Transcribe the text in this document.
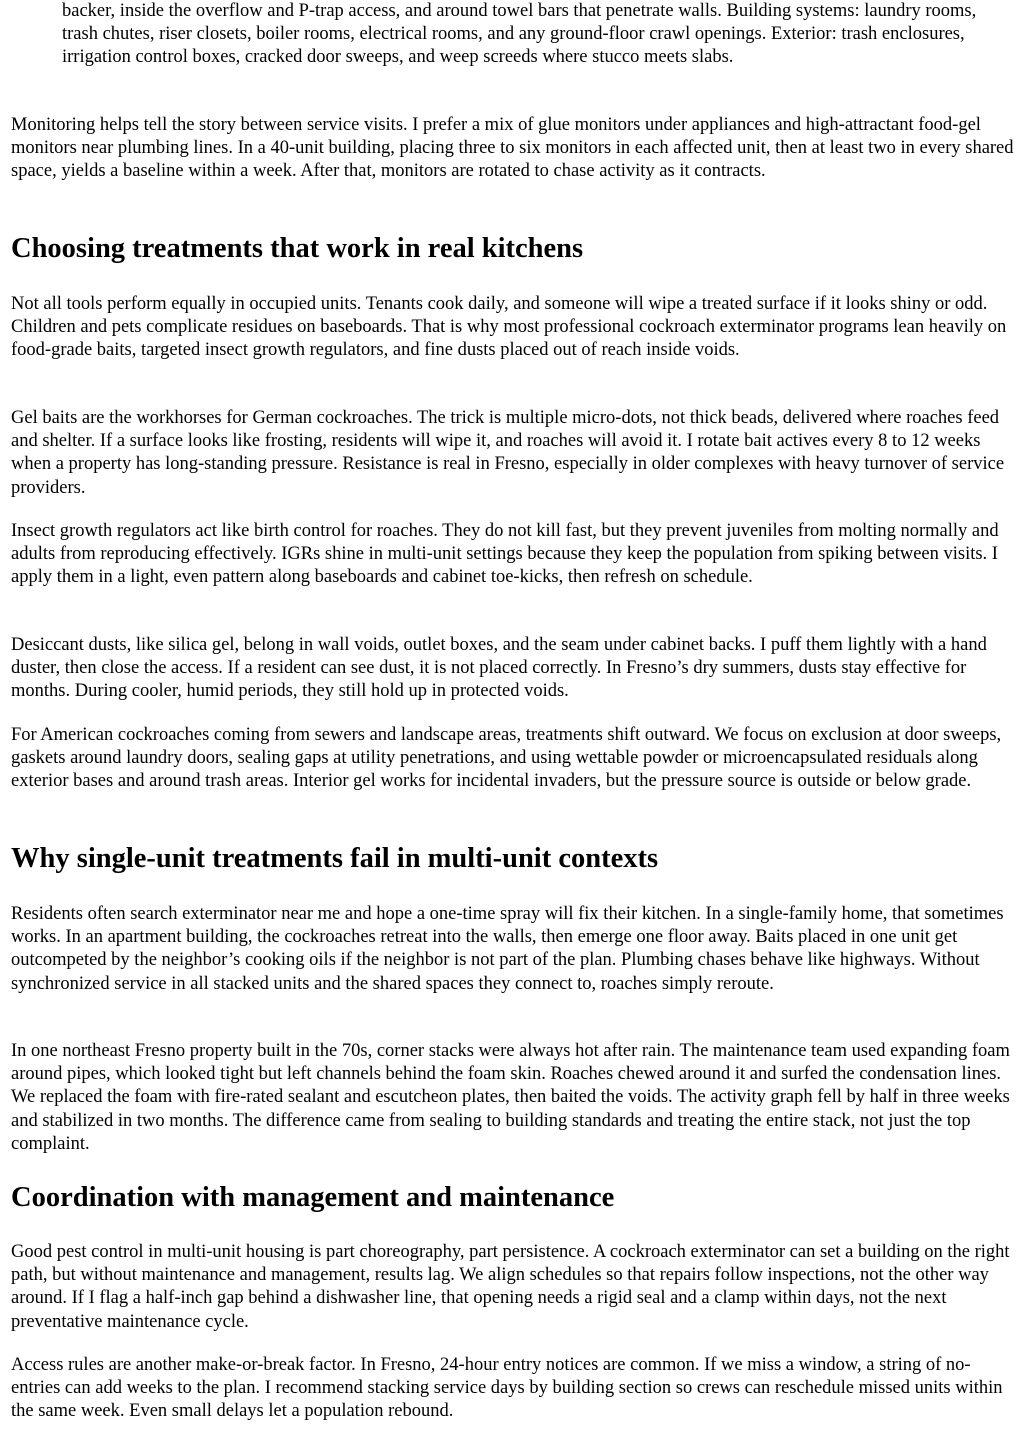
backer, inside the overflow and P-trap access, and around towel bars that penetrate walls. Building systems: laundry rooms, trash chutes, riser closets, boiler rooms, electrical rooms, and any ground-floor crawl openings. Exterior: trash enclosures, irrigation control boxes, cracked door sweeps, and weep screeds where stucco meets slabs.

Monitoring helps tell the story between service visits. I prefer a mix of glue monitors under appliances and high-attractant food-gel monitors near plumbing lines. In a 40-unit building, placing three to six monitors in each affected unit, then at least two in every shared space, yields a baseline within a week. After that, monitors are rotated to chase activity as it contracts.

Choosing treatments that work in real kitchens

Not all tools perform equally in occupied units. Tenants cook daily, and someone will wipe a treated surface if it looks shiny or odd. Children and pets complicate residues on baseboards. That is why most professional cockroach exterminator programs lean heavily on food-grade baits, targeted insect growth regulators, and fine dusts placed out of reach inside voids.

Gel baits are the workhorses for German cockroaches. The trick is multiple micro-dots, not thick beads, delivered where roaches feed and shelter. If a surface looks like frosting, residents will wipe it, and roaches will avoid it. I rotate bait actives every 8 to 12 weeks when a property has long-standing pressure. Resistance is real in Fresno, especially in older complexes with heavy turnover of service providers.

Insect growth regulators act like birth control for roaches. They do not kill fast, but they prevent juveniles from molting normally and adults from reproducing effectively. IGRs shine in multi-unit settings because they keep the population from spiking between visits. I apply them in a light, even pattern along baseboards and cabinet toe-kicks, then refresh on schedule.

Desiccant dusts, like silica gel, belong in wall voids, outlet boxes, and the seam under cabinet backs. I puff them lightly with a hand duster, then close the access. If a resident can see dust, it is not placed correctly. In Fresno’s dry summers, dusts stay effective for months. During cooler, humid periods, they still hold up in protected voids.

For American cockroaches coming from sewers and landscape areas, treatments shift outward. We focus on exclusion at door sweeps, gaskets around laundry doors, sealing gaps at utility penetrations, and using wettable powder or microencapsulated residuals along exterior bases and around trash areas. Interior gel works for incidental invaders, but the pressure source is outside or below grade.

Why single-unit treatments fail in multi-unit contexts

Residents often search exterminator near me and hope a one-time spray will fix their kitchen. In a single-family home, that sometimes works. In an apartment building, the cockroaches retreat into the walls, then emerge one floor away. Baits placed in one unit get outcompeted by the neighbor’s cooking oils if the neighbor is not part of the plan. Plumbing chases behave like highways. Without synchronized service in all stacked units and the shared spaces they connect to, roaches simply reroute.

In one northeast Fresno property built in the 70s, corner stacks were always hot after rain. The maintenance team used expanding foam around pipes, which looked tight but left channels behind the foam skin. Roaches chewed around it and surfed the condensation lines. We replaced the foam with fire-rated sealant and escutcheon plates, then baited the voids. The activity graph fell by half in three weeks and stabilized in two months. The difference came from sealing to building standards and treating the entire stack, not just the top complaint.

Coordination with management and maintenance

Good pest control in multi-unit housing is part choreography, part persistence. A cockroach exterminator can set a building on the right path, but without maintenance and management, results lag. We align schedules so that repairs follow inspections, not the other way around. If I flag a half-inch gap behind a dishwasher line, that opening needs a rigid seal and a clamp within days, not the next preventative maintenance cycle.

Access rules are another make-or-break factor. In Fresno, 24-hour entry notices are common. If we miss a window, a string of no-entries can add weeks to the plan. I recommend stacking service days by building section so crews can reschedule missed units within the same week. Even small delays let a population rebound.
